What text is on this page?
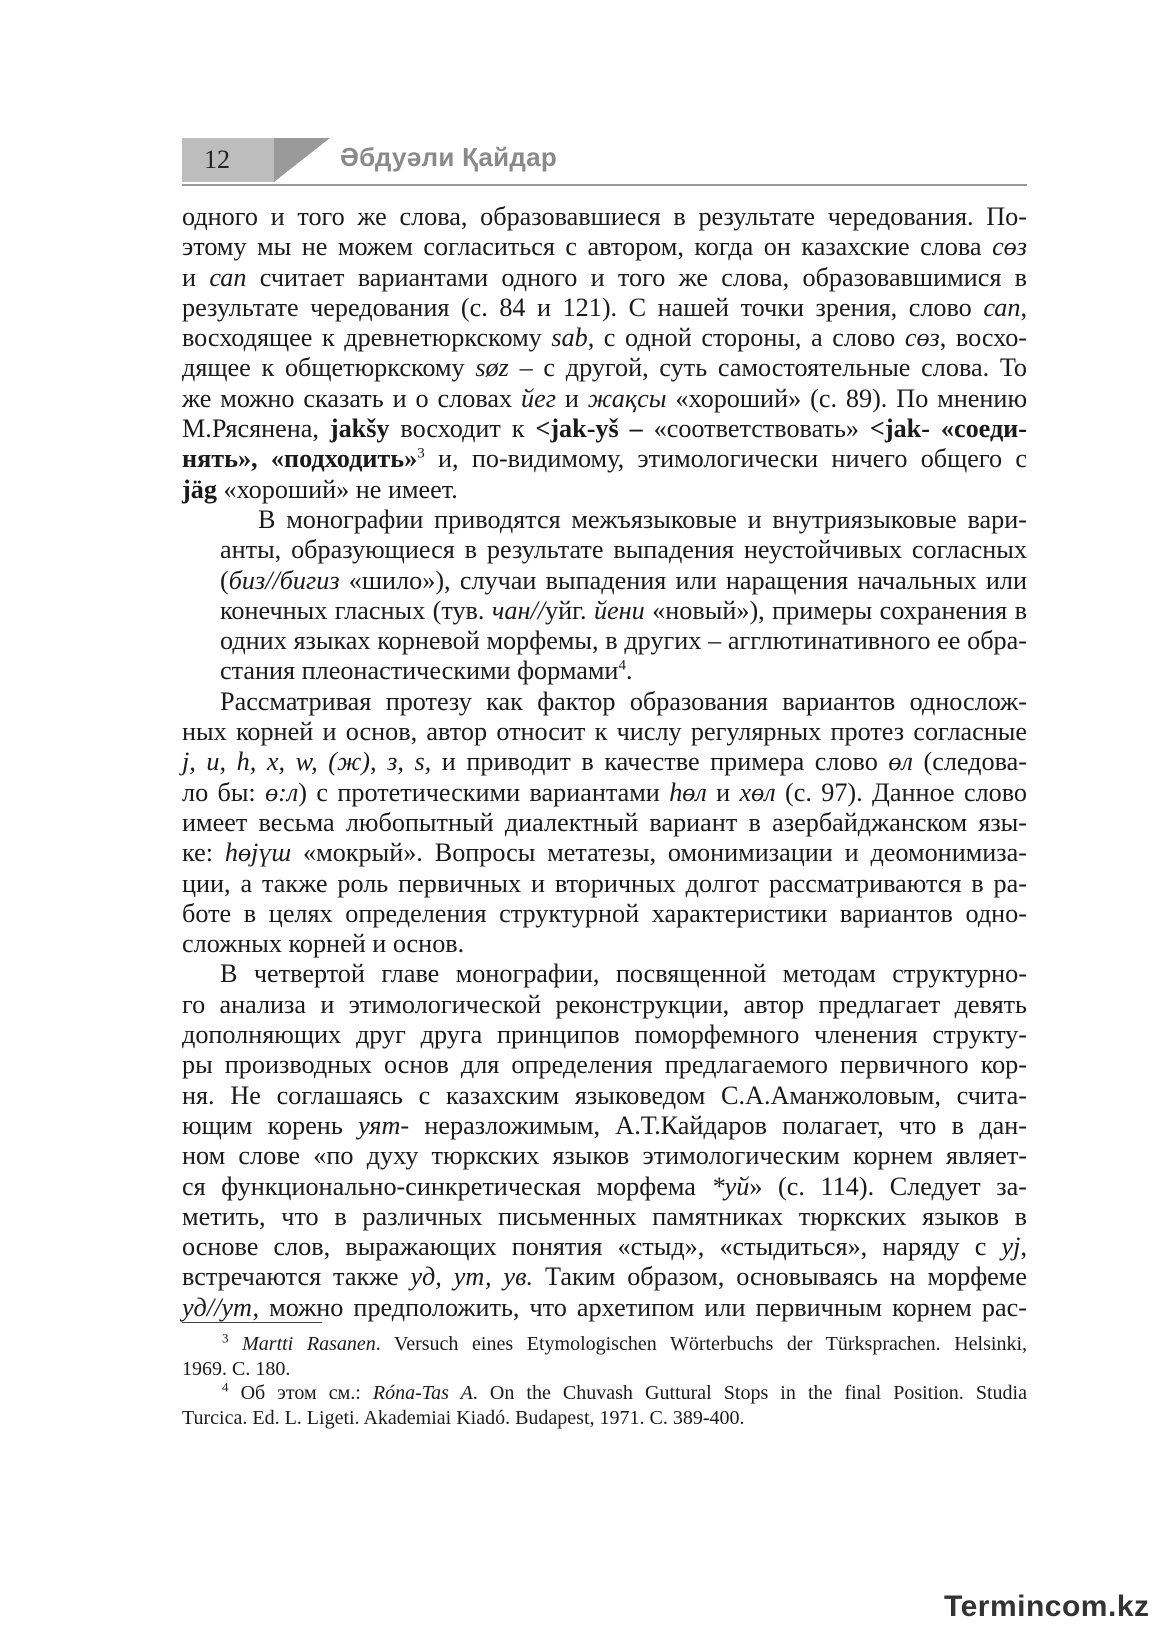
12	Әбдуәли Қайдар

одного и того же слова, образовавшиеся в результате чередования. По-
этому мы не можем согласиться с автором, когда он казахские слова сөз
и сап считает вариантами одного и того же слова, образовавшимися в
результате чередования (с. 84 и 121). С нашей точки зрения, слово сап,
восходящее к древнетюркскому sab, с одной стороны, а слово сөз, восхо-
дящее к общетюркскому søz – с другой, суть самостоятельные слова. То
же можно сказать и о словах йег и жақсы «хороший» (с. 89). По мнению
М.Рясянена, jakšy восходит к <jak-yš – «соответствовать» <jak- «соеди-
нять», «подходить»$^3$ и, по-видимому, этимологически ничего общего с
jäg «хороший» не имеет.

В монографии приводятся межъязыковые и внутриязыковые вари-
анты, образующиеся в результате выпадения неустойчивых согласных
(биз//бигиз «шило»), случаи выпадения или наращения начальных или
конечных гласных (тув. чан//уйг. йени «новый»), примеры сохранения в
одних языках корневой морфемы, в других – агглютинативного ее обра-
стания плеонастическими формами$^4$.

Рассматривая протезу как фактор образования вариантов однослож-
ных корней и основ, автор относит к числу регулярных протез согласные
j, и, h, x, w, (ж), з, s, и приводит в качестве примера слово өл (следова-
ло бы: ө:л) с протетическими вариантами һөл и хөл (с. 97). Данное слово
имеет весьма любопытный диалектный вариант в азербайджанском язы-
ке: һөјүш «мокрый». Вопросы метатезы, омонимизации и деомонимиза-
ции, а также роль первичных и вторичных долгот рассматриваются в ра-
боте в целях определения структурной характеристики вариантов одно-
сложных корней и основ.

В четвертой главе монографии, посвященной методам структурно-
го анализа и этимологической реконструкции, автор предлагает девять
дополняющих друг друга принципов поморфемного членения структу-
ры производных основ для определения предлагаемого первичного кор-
ня. Не соглашаясь с казахским языковедом С.А.Аманжоловым, счита-
ющим корень уят- неразложимым, А.Т.Кайдаров полагает, что в дан-
ном слове «по духу тюркских языков этимологическим корнем являет-
ся функционально-синкретическая морфема *уй» (с. 114). Следует за-
метить, что в различных письменных памятниках тюркских языков в
основе слов, выражающих понятия «стыд», «стыдиться», наряду с уj,
встречаются также уд, ут, ув. Таким образом, основываясь на морфеме
уд//ут, можно предположить, что архетипом или первичным корнем рас-

$^3$ Martti Rasanen. Versuch eines Etymologischen Wörterbuchs der Türksprachen. Helsinki,
1969. С. 180.
$^4$ Об этом см.: Róna-Tas A. On the Chuvash Guttural Stops in the final Position. Studia
Turcica. Ed. L. Ligeti. Akademiai Kiadó. Budapest, 1971. С. 389-400.
Termincom.kz
